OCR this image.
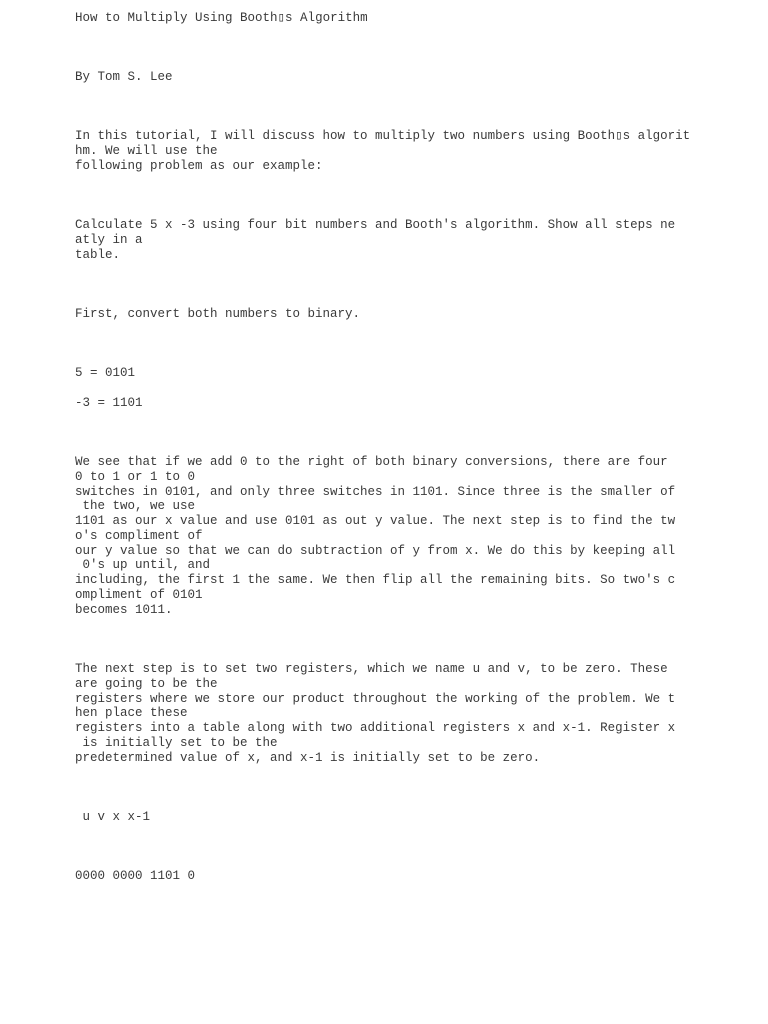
How to Multiply Using Booth▯s Algorithm
By Tom S. Lee
In this tutorial, I will discuss how to multiply two numbers using Booth▯s algorit
hm. We will use the
following problem as our example:
Calculate 5 x -3 using four bit numbers and Booth's algorithm. Show all steps ne
atly in a
table.
First, convert both numbers to binary.
5 = 0101
-3 = 1101
We see that if we add 0 to the right of both binary conversions, there are four
0 to 1 or 1 to 0
switches in 0101, and only three switches in 1101. Since three is the smaller of
the two, we use
1101 as our x value and use 0101 as out y value. The next step is to find the tw
o's compliment of
our y value so that we can do subtraction of y from x. We do this by keeping all
0's up until, and
including, the first 1 the same. We then flip all the remaining bits. So two's c
ompliment of 0101
becomes 1011.
The next step is to set two registers, which we name u and v, to be zero. These
are going to be the
registers where we store our product throughout the working of the problem. We t
hen place these
registers into a table along with two additional registers x and x-1. Register x
is initially set to be the
predetermined value of x, and x-1 is initially set to be zero.
u v x x-1
0000 0000 1101 0
